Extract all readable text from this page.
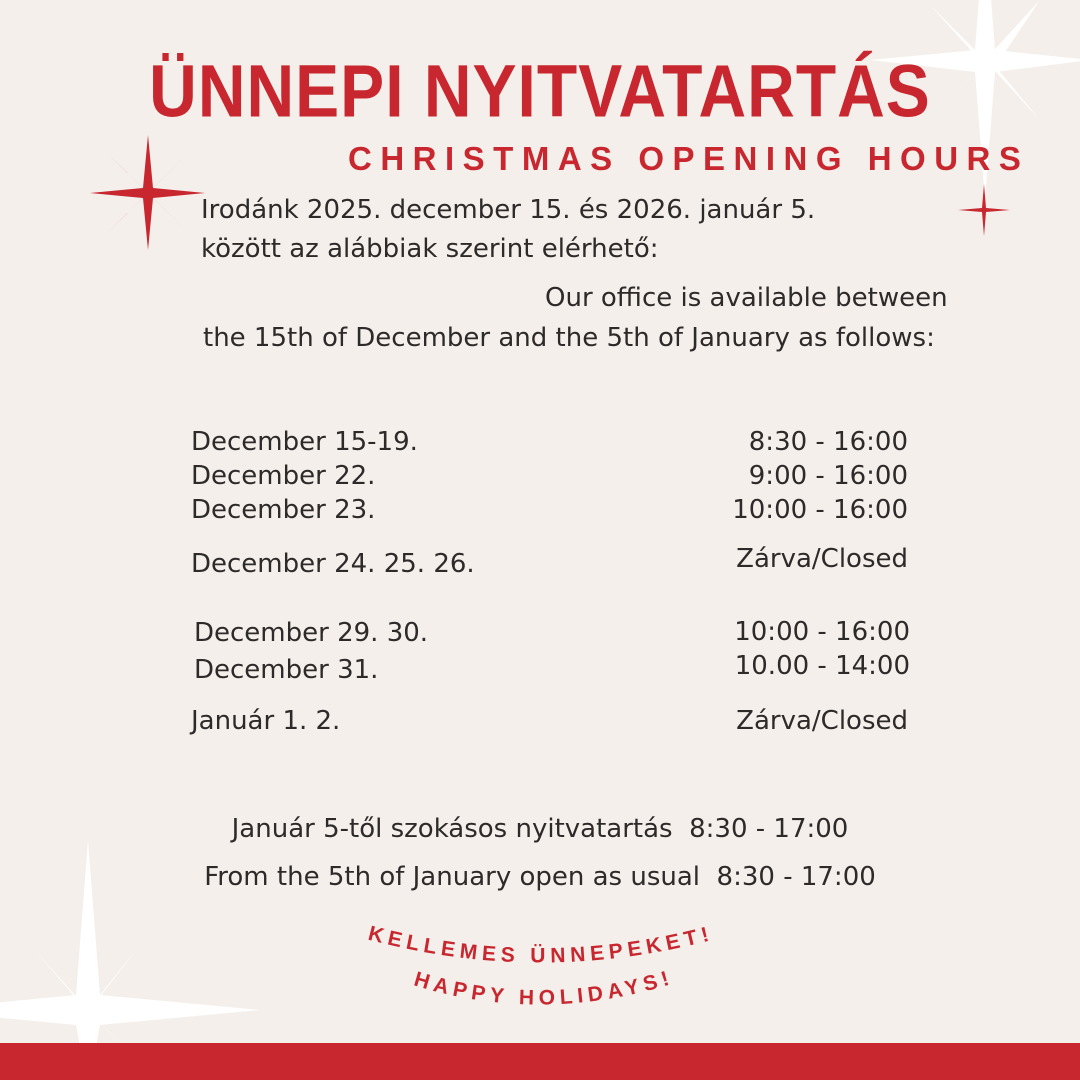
ÜNNEPI NYITVATARTÁS
CHRISTMAS OPENING HOURS
Irodánk 2025. december 15. és 2026. január 5.
között az alábbiak szerint elérhető:
Our office is available between
the 15th of December and the 5th of January as follows:
December 15-19.	8:30 - 16:00
December 22.	9:00 - 16:00
December 23.	10:00 - 16:00
December 24. 25. 26.	Zárva/Closed
December 29. 30.	10:00 - 16:00
December 31.	10.00 - 14:00
Január 1. 2.	Zárva/Closed
Január 5-től szokásos nyitvatartás  8:30 - 17:00
From the 5th of January open as usual  8:30 - 17:00
KELLEMES ÜNNEPEKET!
HAPPY HOLIDAYS!
